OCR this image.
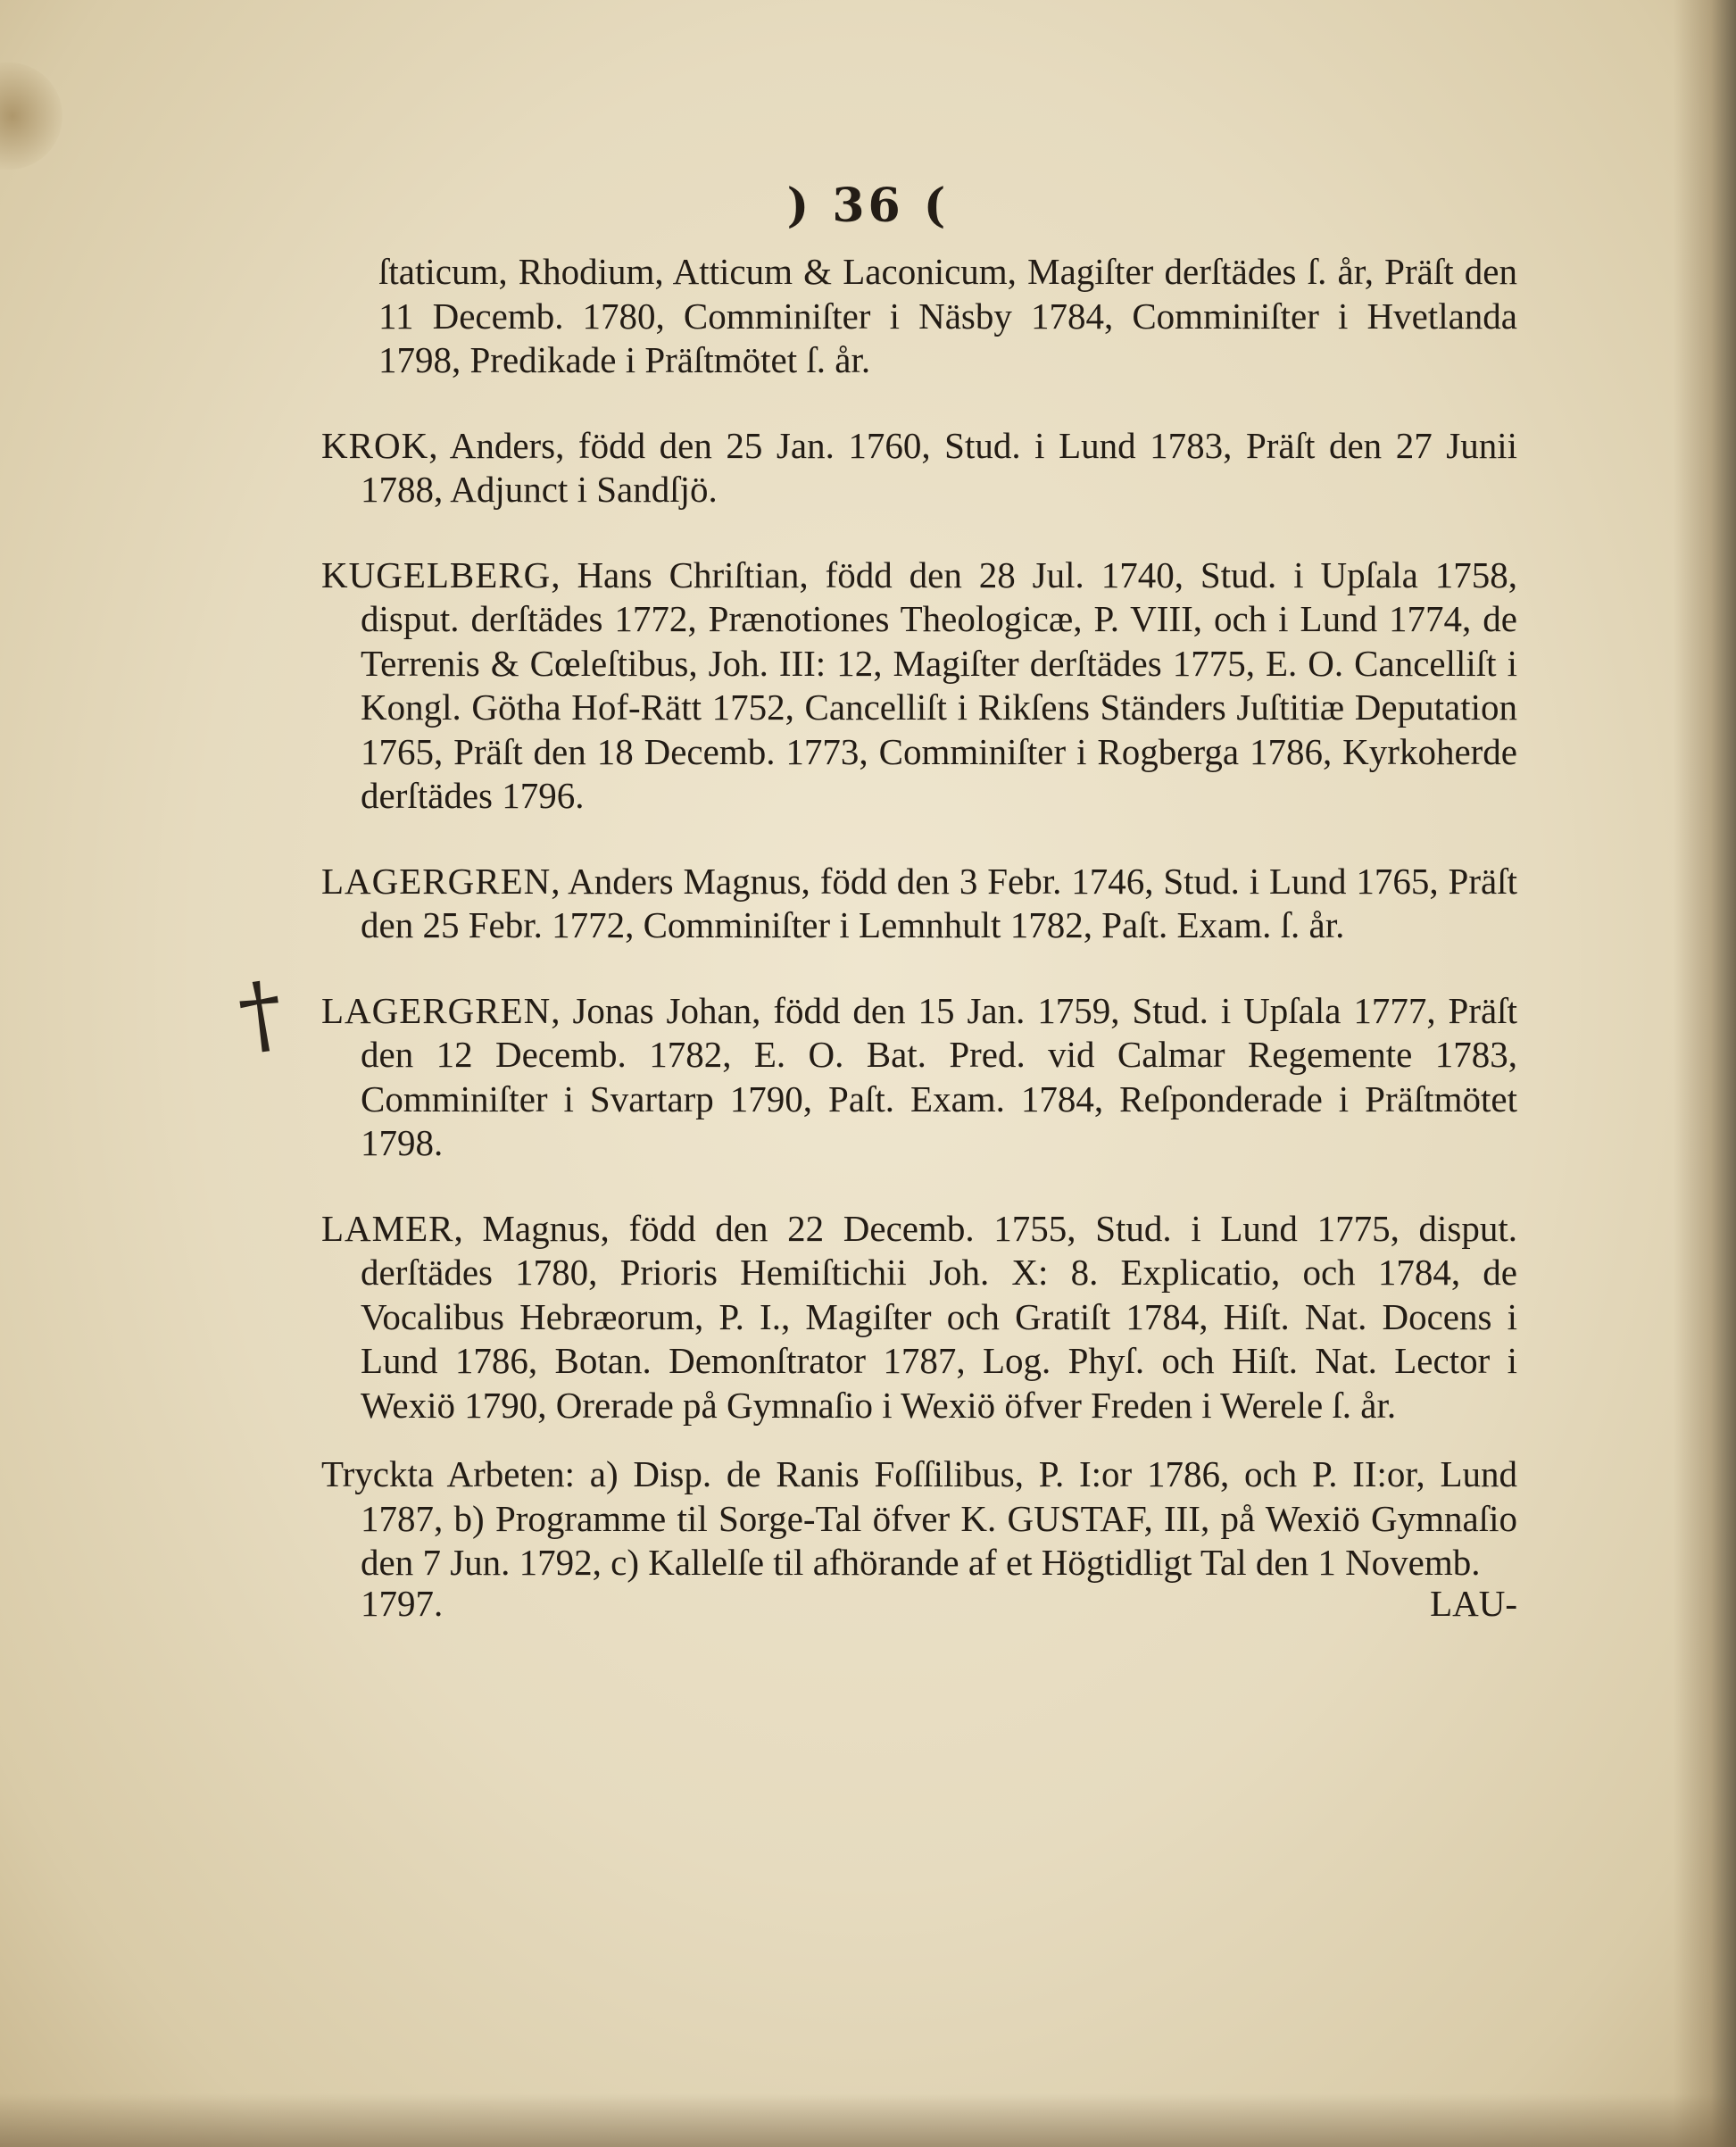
) 36 (
†

ſtaticum, Rhodium, Atticum & Laconicum, Magiſter derſtädes ſ. år, Präſt den 11 Decemb. 1780, Comminiſter i Näsby 1784, Comminiſter i Hvetlanda 1798, Predikade i Präſtmötet ſ. år.

KROK, Anders, född den 25 Jan. 1760, Stud. i Lund 1783, Präſt den 27 Junii 1788, Adjunct i Sandſjö.

KUGELBERG, Hans Chriſtian, född den 28 Jul. 1740, Stud. i Upſala 1758, disput. derſtädes 1772, Prænotiones Theologicæ, P. VIII, och i Lund 1774, de Terrenis & Cœleſtibus, Joh. III: 12, Magiſter derſtädes 1775, E. O. Cancelliſt i Kongl. Götha Hof-Rätt 1752, Cancelliſt i Rikſens Ständers Juſtitiæ Deputation 1765, Präſt den 18 Decemb. 1773, Comminiſter i Rogberga 1786, Kyrkoherde derſtädes 1796.

LAGERGREN, Anders Magnus, född den 3 Febr. 1746, Stud. i Lund 1765, Präſt den 25 Febr. 1772, Comminiſter i Lemnhult 1782, Paſt. Exam. ſ. år.

LAGERGREN, Jonas Johan, född den 15 Jan. 1759, Stud. i Upſala 1777, Präſt den 12 Decemb. 1782, E. O. Bat. Pred. vid Calmar Regemente 1783, Comminiſter i Svartarp 1790, Paſt. Exam. 1784, Reſponderade i Präſtmötet 1798.

LAMER, Magnus, född den 22 Decemb. 1755, Stud. i Lund 1775, disput. derſtädes 1780, Prioris Hemiſtichii Joh. X: 8. Explicatio, och 1784, de Vocalibus Hebræorum, P. I., Magiſter och Gratiſt 1784, Hiſt. Nat. Docens i Lund 1786, Botan. Demonſtrator 1787, Log. Phyſ. och Hiſt. Nat. Lector i Wexiö 1790, Orerade på Gymnaſio i Wexiö öfver Freden i Werele ſ. år.

Tryckta Arbeten: a) Disp. de Ranis Foſſilibus, P. I:or 1786, och P. II:or, Lund 1787, b) Programme til Sorge-Tal öfver K. GUSTAF, III, på Wexiö Gymnaſio den 7 Jun. 1792, c) Kallelſe til afhörande af et Högtidligt Tal den 1 Novemb.

1797.	LAU-
